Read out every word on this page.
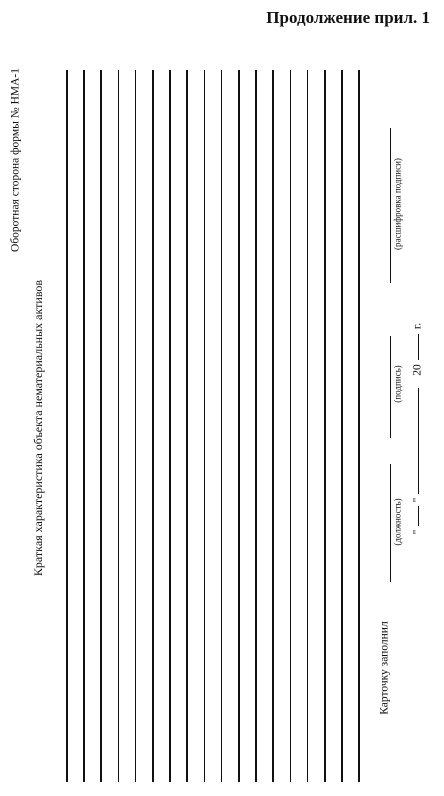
Продолжение прил. 1
Оборотная сторона формы № НМА-1
Краткая характеристика объекта нематериальных активов
Карточку заполнил
(должность)
(подпись)
(расшифровка подписи)
"
"
20
г.
